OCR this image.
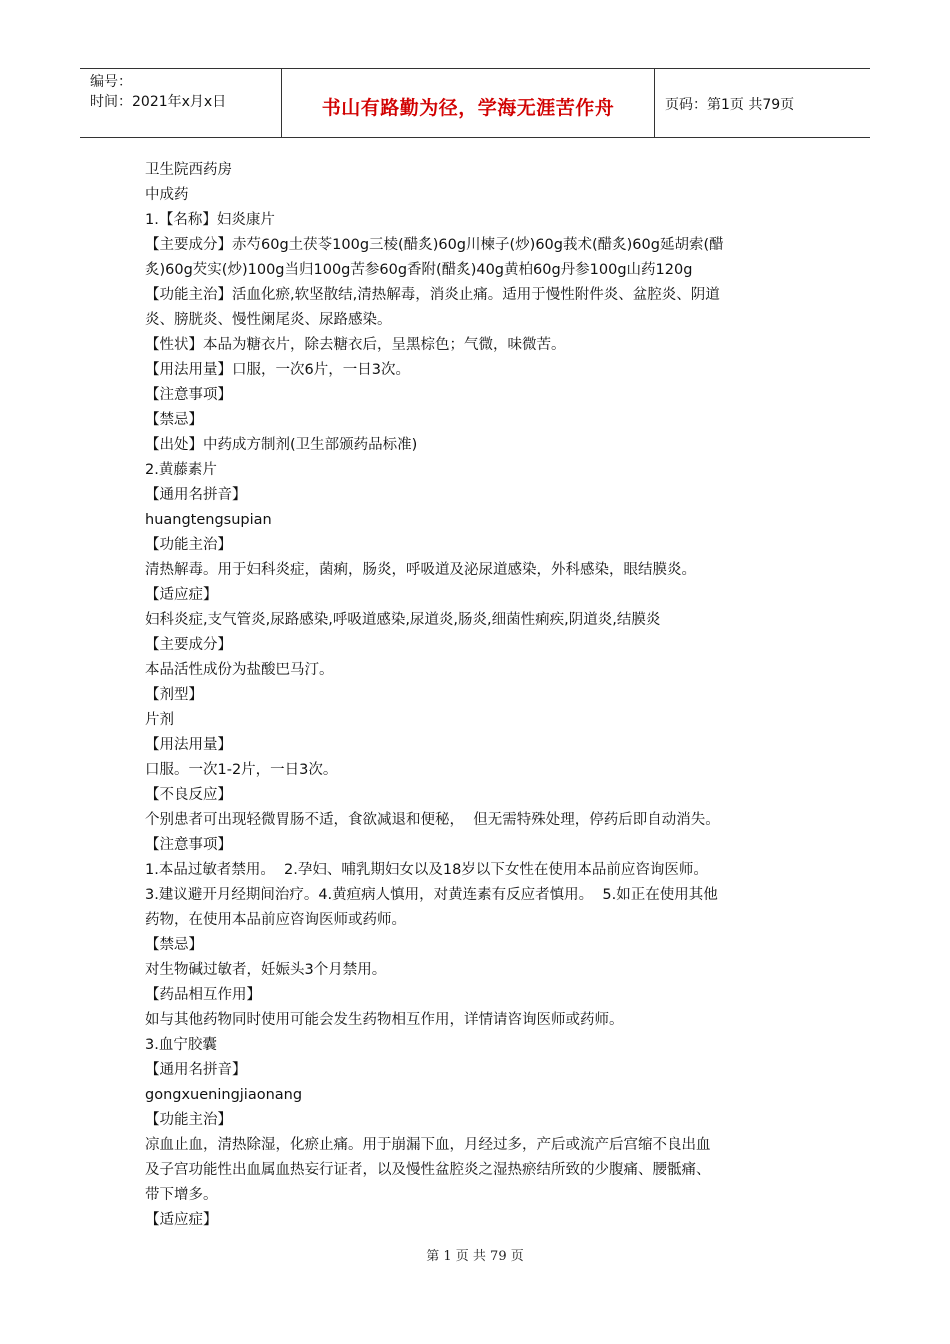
编号：
时间：2021年x月x日	书山有路勤为径，学海无涯苦作舟	页码：第1页 共79页
卫生院西药房
中成药
1.【名称】妇炎康片
【主要成分】赤芍60g土茯苓100g三棱(醋炙)60g川楝子(炒)60g莪术(醋炙)60g延胡索(醋
炙)60g芡实(炒)100g当归100g苦参60g香附(醋炙)40g黄柏60g丹参100g山药120g
【功能主治】活血化瘀,软坚散结,清热解毒，消炎止痛。适用于慢性附件炎、盆腔炎、阴道
炎、膀胱炎、慢性阑尾炎、尿路感染。
【性状】本品为糖衣片，除去糖衣后，呈黑棕色；气微，味微苦。
【用法用量】口服，一次6片，一日3次。
【注意事项】
【禁忌】
【出处】中药成方制剂(卫生部颁药品标准)
2.黄藤素片
【通用名拼音】
huangtengsupian
【功能主治】
清热解毒。用于妇科炎症，菌痢，肠炎，呼吸道及泌尿道感染，外科感染，眼结膜炎。
【适应症】
妇科炎症,支气管炎,尿路感染,呼吸道感染,尿道炎,肠炎,细菌性痢疾,阴道炎,结膜炎
【主要成分】
本品活性成份为盐酸巴马汀。
【剂型】
片剂
【用法用量】
口服。一次1-2片，一日3次。
【不良反应】
个别患者可出现轻微胃肠不适，食欲减退和便秘，  但无需特殊处理，停药后即自动消失。
【注意事项】
1.本品过敏者禁用。  2.孕妇、哺乳期妇女以及18岁以下女性在使用本品前应咨询医师。
3.建议避开月经期间治疗。4.黄疸病人慎用，对黄连素有反应者慎用。  5.如正在使用其他
药物，在使用本品前应咨询医师或药师。
【禁忌】
对生物碱过敏者，妊娠头3个月禁用。
【药品相互作用】
如与其他药物同时使用可能会发生药物相互作用，详情请咨询医师或药师。
3.血宁胶囊
【通用名拼音】
gongxueningjiaonang
【功能主治】
凉血止血，清热除湿，化瘀止痛。用于崩漏下血，月经过多，产后或流产后宫缩不良出血
及子宫功能性出血属血热妄行证者，以及慢性盆腔炎之湿热瘀结所致的少腹痛、腰骶痛、
带下增多。
【适应症】
第 1 页 共 79 页
